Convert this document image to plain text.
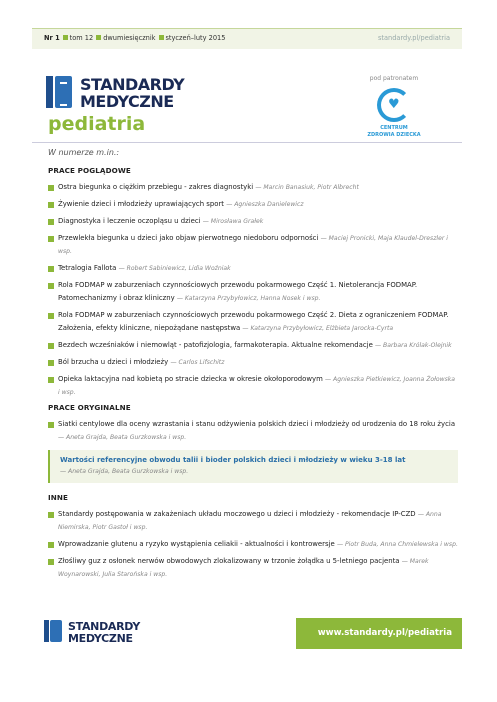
Nr 1 tom 12 dwumiesięcznik styczeń–luty 2015	standardy.pl/pediatria
STANDARDY
MEDYCZNE
pediatria
pod patronatem
♥
CENTRUM
ZDROWIA DZIECKA
W numerze m.in.:
PRACE POGLĄDOWE
Ostra biegunka o ciężkim przebiegu - zakres diagnostyki — Marcin Banasiuk, Piotr Albrecht
Żywienie dzieci i młodzieży uprawiających sport — Agnieszka Danielewicz
Diagnostyka i leczenie oczopląsu u dzieci — Mirosława Grałek
Przewlekła biegunka u dzieci jako objaw pierwotnego niedoboru odporności — Maciej Pronicki, Maja Klaudel-Dreszler i wsp.
Tetralogia Fallota — Robert Sabiniewicz, Lidia Woźniak
Rola FODMAP w zaburzeniach czynnościowych przewodu pokarmowego Część 1. Nietolerancja FODMAP. Patomechanizmy i obraz kliniczny — Katarzyna Przybyłowicz, Hanna Nosek i wsp.
Rola FODMAP w zaburzeniach czynnościowych przewodu pokarmowego Część 2. Dieta z ograniczeniem FODMAP. Założenia, efekty kliniczne, niepożądane następstwa — Katarzyna Przybyłowicz, Elżbieta Jarocka-Cyrta
Bezdech wcześniaków i niemowląt - patofizjologia, farmakoterapia. Aktualne rekomendacje — Barbara Królak-Olejnik
Ból brzucha u dzieci i młodzieży — Carlos Lifschitz
Opieka laktacyjna nad kobietą po stracie dziecka w okresie okołoporodowym — Agnieszka Pietkiewicz, Joanna Żołowska i wsp.
PRACE ORYGINALNE
Siatki centylowe dla oceny wzrastania i stanu odżywienia polskich dzieci i młodzieży od urodzenia do 18 roku życia — Aneta Grajda, Beata Gurzkowska i wsp.
Wartości referencyjne obwodu talii i bioder polskich dzieci i młodzieży w wieku 3-18 lat
— Aneta Grajda, Beata Gurzkowska i wsp.
INNE
Standardy postępowania w zakażeniach układu moczowego u dzieci i młodzieży - rekomendacje IP-CZD — Anna Niemirska, Piotr Gastoł i wsp.
Wprowadzanie glutenu a ryzyko wystąpienia celiakii - aktualności i kontrowersje — Piotr Buda, Anna Chmielewska i wsp.
Złośliwy guz z osłonek nerwów obwodowych zlokalizowany w trzonie żołądka u 5-letniego pacjenta — Marek Woynarowski, Julia Starońska i wsp.
STANDARDY
MEDYCZNE	www.standardy.pl/pediatria
